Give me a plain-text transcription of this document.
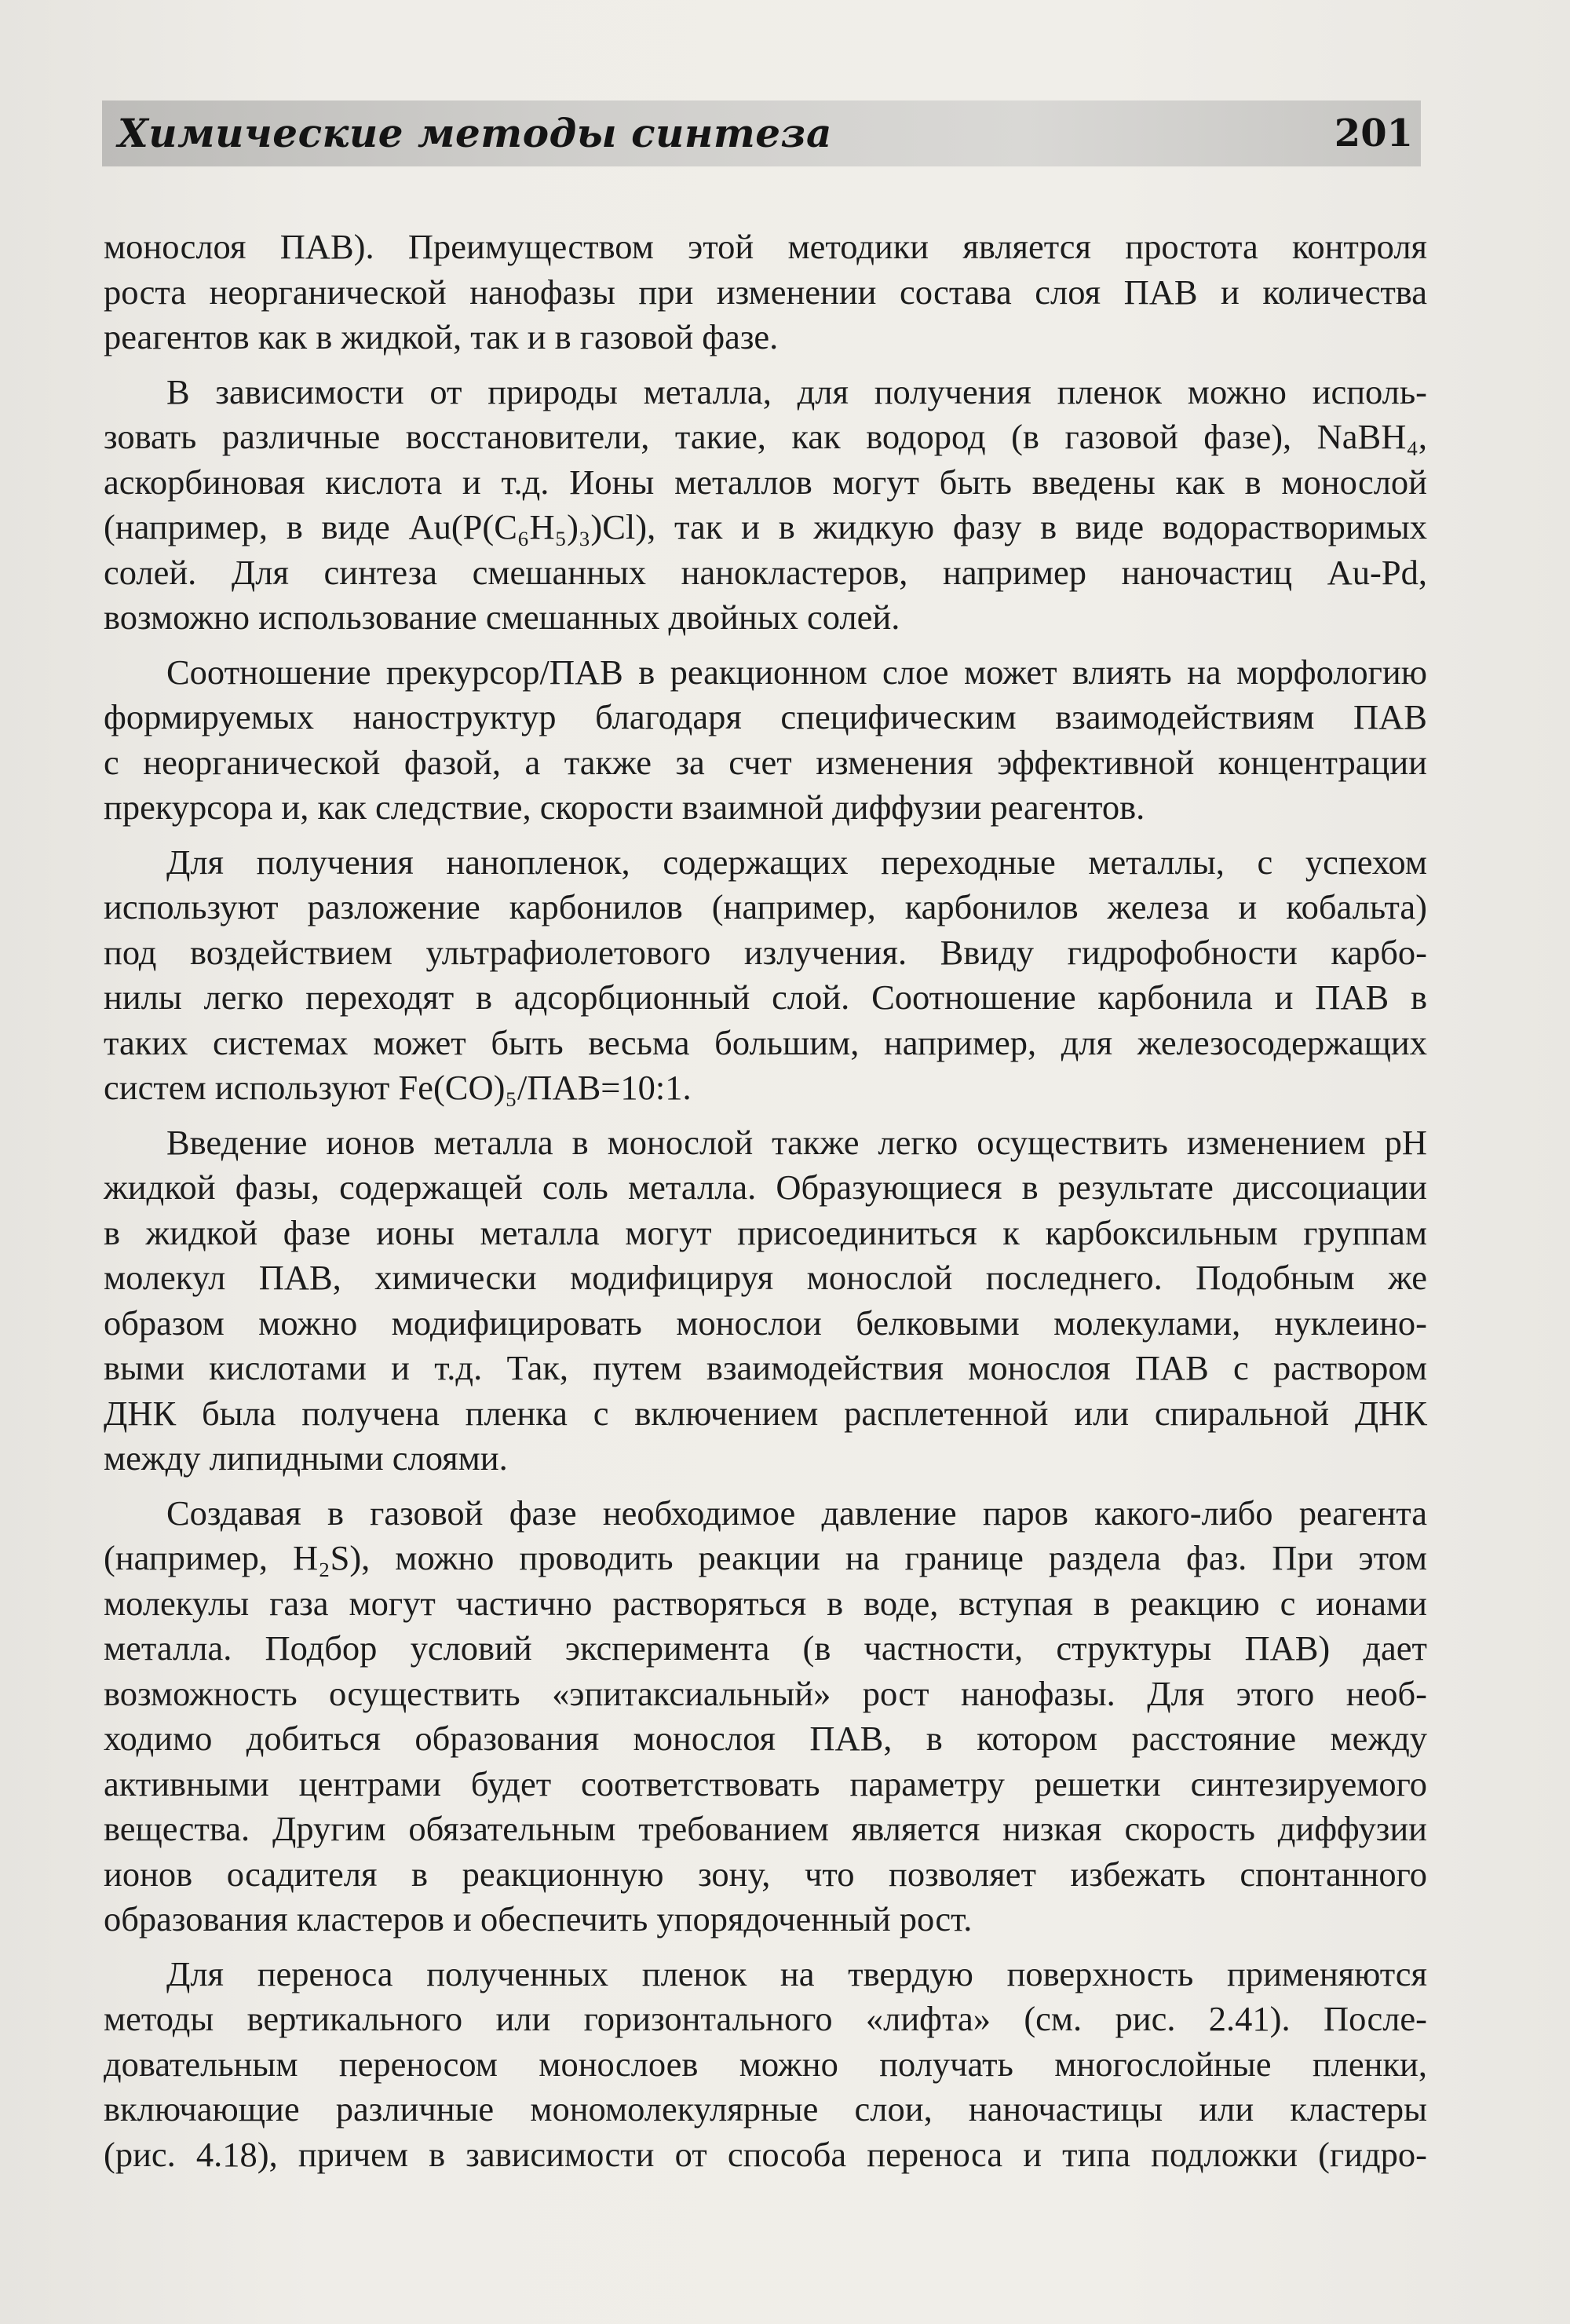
Химические методы синтеза	201
монослоя ПАВ). Преимуществом этой методики является простота контроля
роста неорганической нанофазы при изменении состава слоя ПАВ и количества
реагентов как в жидкой, так и в газовой фазе.
В зависимости от природы металла, для получения пленок можно исполь-
зовать различные восстановители, такие, как водород (в газовой фазе), NaBH₄,
аскорбиновая кислота и т.д. Ионы металлов могут быть введены как в монослой
(например, в виде Au(P(C₆H₅)₃)Cl), так и в жидкую фазу в виде водорастворимых
солей. Для синтеза смешанных нанокластеров, например наночастиц Au-Pd,
возможно использование смешанных двойных солей.
Соотношение прекурсор/ПАВ в реакционном слое может влиять на морфологию
формируемых наноструктур благодаря специфическим взаимодействиям ПАВ
с неорганической фазой, а также за счет изменения эффективной концентрации
прекурсора и, как следствие, скорости взаимной диффузии реагентов.
Для получения нанопленок, содержащих переходные металлы, с успехом
используют разложение карбонилов (например, карбонилов железа и кобальта)
под воздействием ультрафиолетового излучения. Ввиду гидрофобности карбо-
нилы легко переходят в адсорбционный слой. Соотношение карбонила и ПАВ в
таких системах может быть весьма большим, например, для железосодержащих
систем используют Fe(CO)₅/ПАВ=10:1.
Введение ионов металла в монослой также легко осуществить изменением pH
жидкой фазы, содержащей соль металла. Образующиеся в результате диссоциации
в жидкой фазе ионы металла могут присоединиться к карбоксильным группам
молекул ПАВ, химически модифицируя монослой последнего. Подобным же
образом можно модифицировать монослои белковыми молекулами, нуклеино-
выми кислотами и т.д. Так, путем взаимодействия монослоя ПАВ с раствором
ДНК была получена пленка с включением расплетенной или спиральной ДНК
между липидными слоями.
Создавая в газовой фазе необходимое давление паров какого-либо реагента
(например, H₂S), можно проводить реакции на границе раздела фаз. При этом
молекулы газа могут частично растворяться в воде, вступая в реакцию с ионами
металла. Подбор условий эксперимента (в частности, структуры ПАВ) дает
возможность осуществить «эпитаксиальный» рост нанофазы. Для этого необ-
ходимо добиться образования монослоя ПАВ, в котором расстояние между
активными центрами будет соответствовать параметру решетки синтезируемого
вещества. Другим обязательным требованием является низкая скорость диффузии
ионов осадителя в реакционную зону, что позволяет избежать спонтанного
образования кластеров и обеспечить упорядоченный рост.
Для переноса полученных пленок на твердую поверхность применяются
методы вертикального или горизонтального «лифта» (см. рис. 2.41). После-
довательным переносом монослоев можно получать многослойные пленки,
включающие различные мономолекулярные слои, наночастицы или кластеры
(рис. 4.18), причем в зависимости от способа переноса и типа подложки (гидро-
